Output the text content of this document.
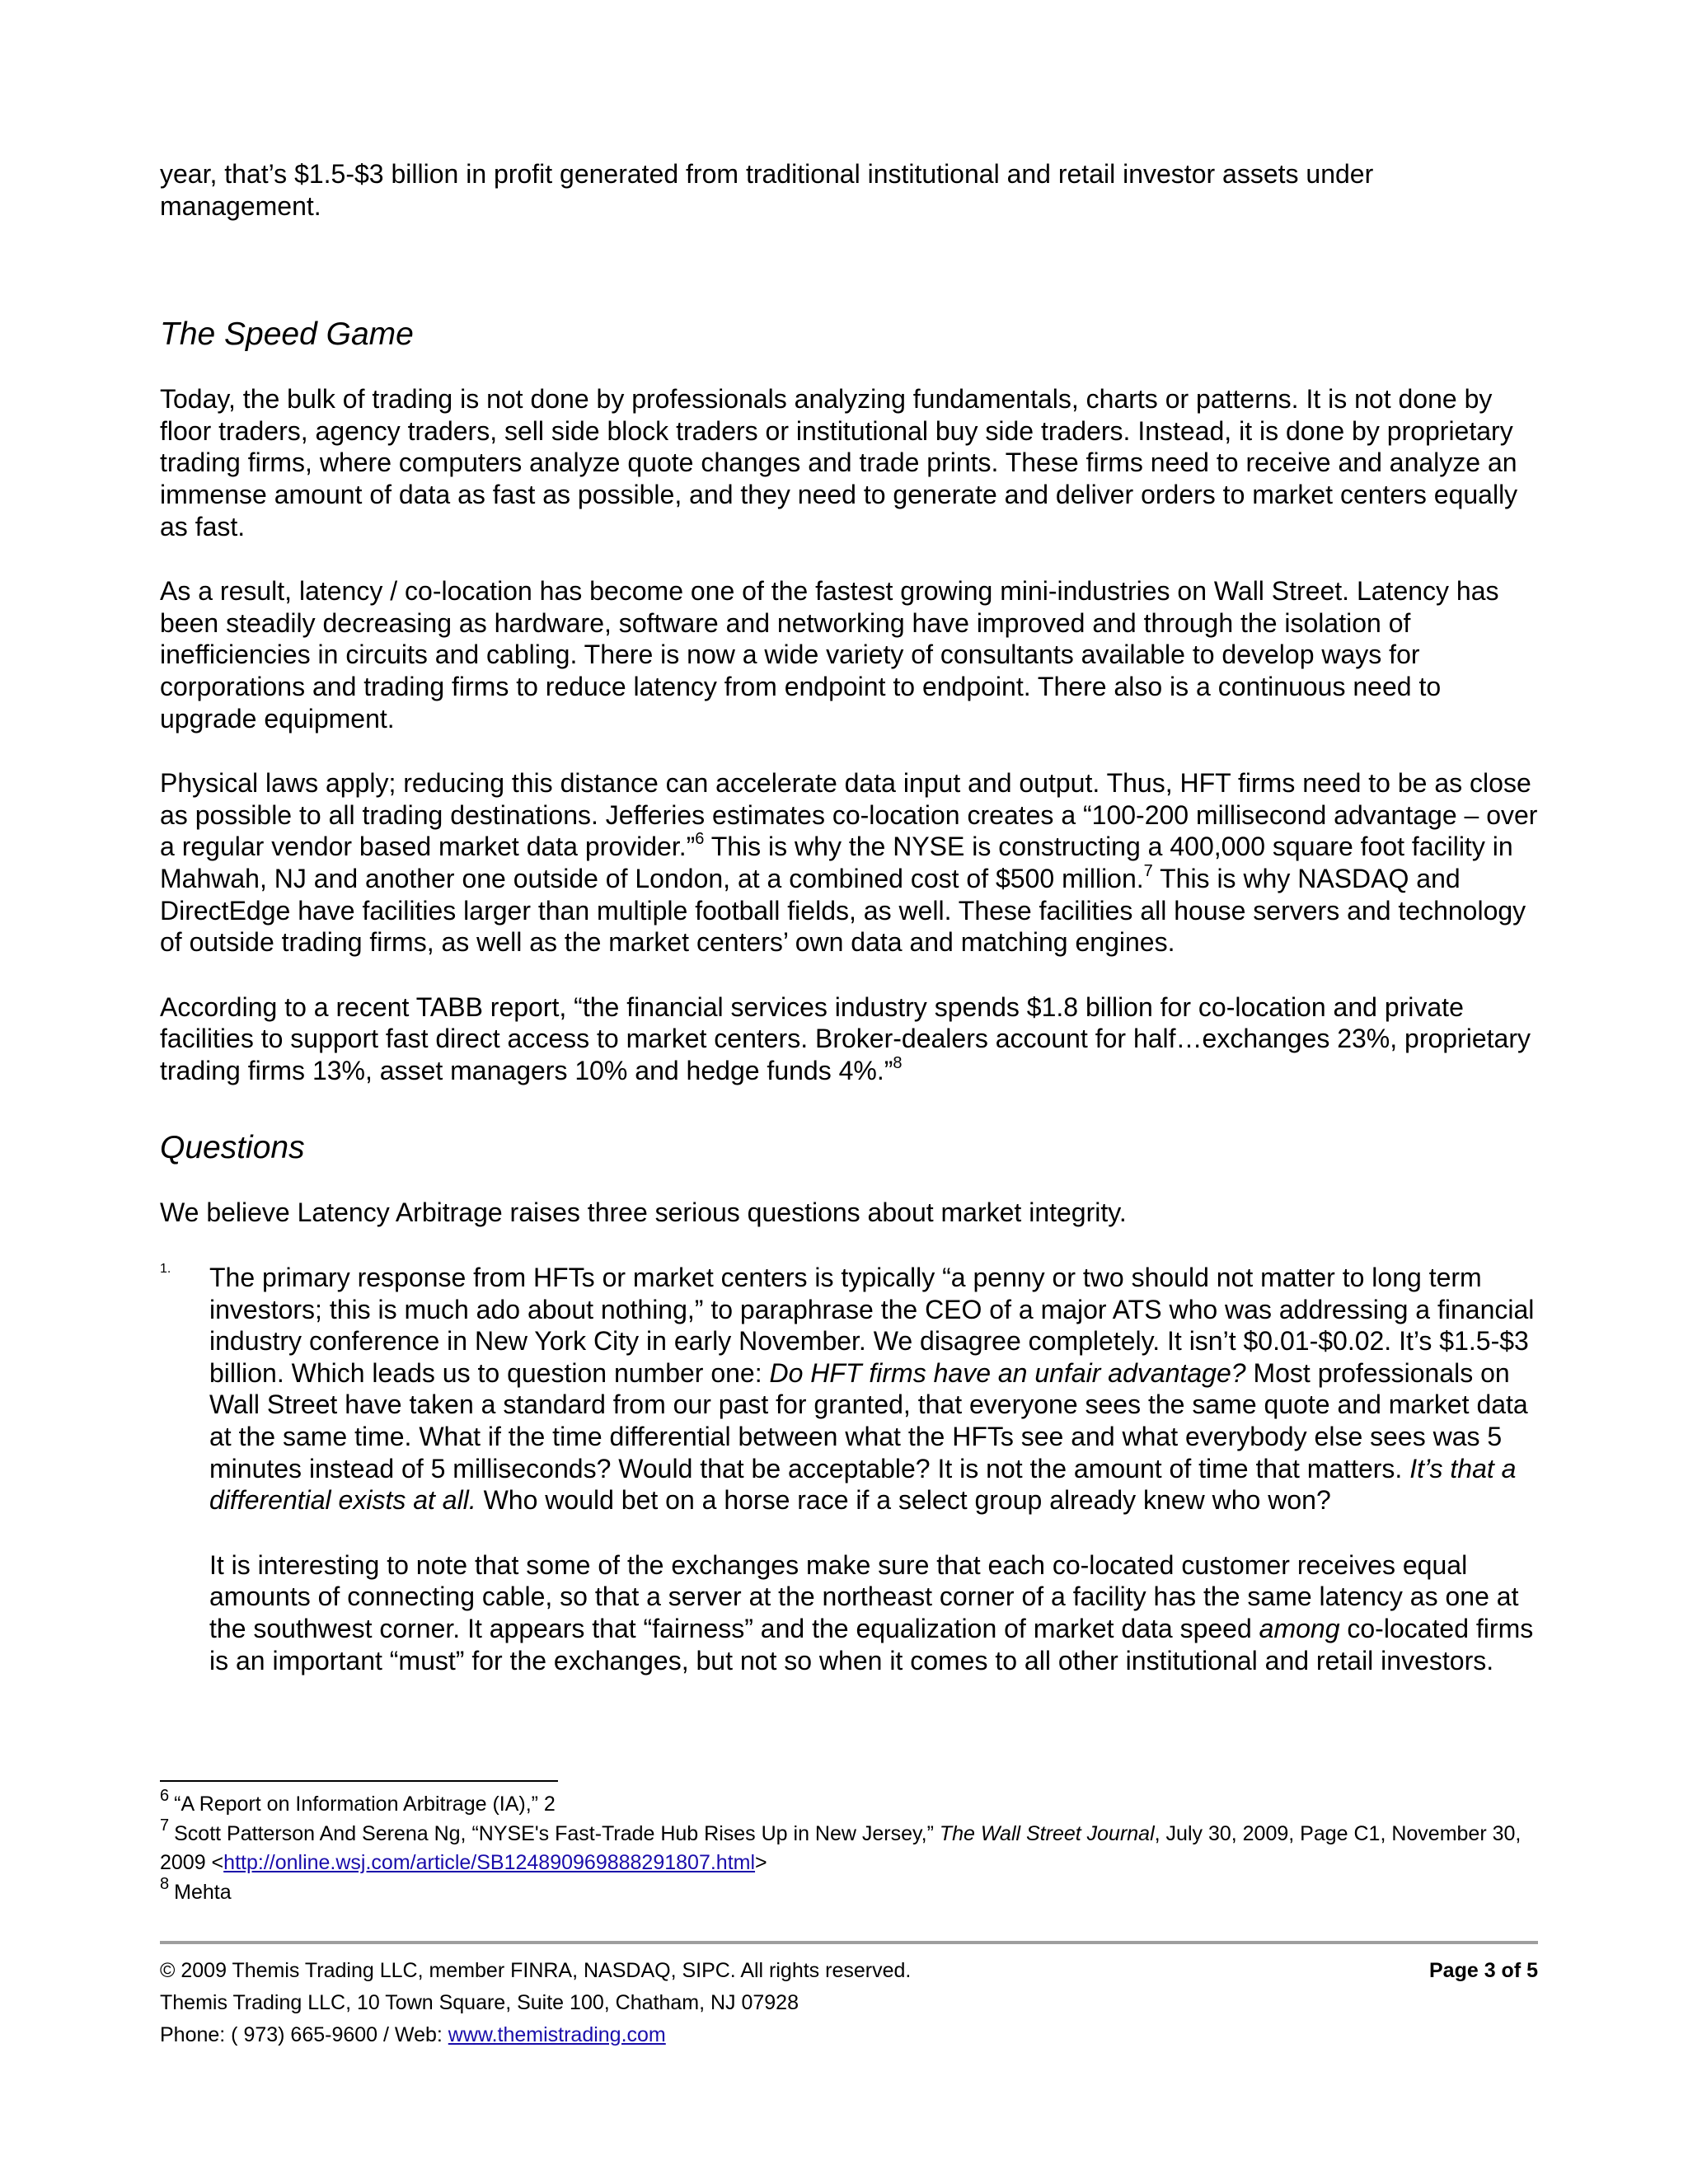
year, that’s $1.5-$3 billion in profit generated from traditional institutional and retail investor assets under management.

The Speed Game

Today, the bulk of trading is not done by professionals analyzing fundamentals, charts or patterns. It is not done by floor traders, agency traders, sell side block traders or institutional buy side traders. Instead, it is done by proprietary trading firms, where computers analyze quote changes and trade prints. These firms need to receive and analyze an immense amount of data as fast as possible, and they need to generate and deliver orders to market centers equally as fast.

As a result, latency / co-location has become one of the fastest growing mini-industries on Wall Street. Latency has been steadily decreasing as hardware, software and networking have improved and through the isolation of inefficiencies in circuits and cabling. There is now a wide variety of consultants available to develop ways for corporations and trading firms to reduce latency from endpoint to endpoint. There also is a continuous need to upgrade equipment.

Physical laws apply; reducing this distance can accelerate data input and output. Thus, HFT firms need to be as close as possible to all trading destinations. Jefferies estimates co-location creates a “100-200 millisecond advantage – over a regular vendor based market data provider.”$^6$ This is why the NYSE is constructing a 400,000 square foot facility in Mahwah, NJ and another one outside of London, at a combined cost of $500 million.$^7$ This is why NASDAQ and DirectEdge have facilities larger than multiple football fields, as well. These facilities all house servers and technology of outside trading firms, as well as the market centers’ own data and matching engines.

According to a recent TABB report, “the financial services industry spends $1.8 billion for co-location and private facilities to support fast direct access to market centers. Broker-dealers account for half…exchanges 23%, proprietary trading firms 13%, asset managers 10% and hedge funds 4%.”$^8$

Questions

We believe Latency Arbitrage raises three serious questions about market integrity.

1. The primary response from HFTs or market centers is typically “a penny or two should not matter to long term investors; this is much ado about nothing,” to paraphrase the CEO of a major ATS who was addressing a financial industry conference in New York City in early November. We disagree completely. It isn’t $0.01-$0.02. It’s $1.5-$3 billion. Which leads us to question number one: Do HFT firms have an unfair advantage? Most professionals on Wall Street have taken a standard from our past for granted, that everyone sees the same quote and market data at the same time. What if the time differential between what the HFTs see and what everybody else sees was 5 minutes instead of 5 milliseconds? Would that be acceptable? It is not the amount of time that matters. It’s that a differential exists at all. Who would bet on a horse race if a select group already knew who won?

It is interesting to note that some of the exchanges make sure that each co-located customer receives equal amounts of connecting cable, so that a server at the northeast corner of a facility has the same latency as one at the southwest corner. It appears that “fairness” and the equalization of market data speed among co-located firms is an important “must” for the exchanges, but not so when it comes to all other institutional and retail investors.

$^6$ “A Report on Information Arbitrage (IA),” 2

$^7$ Scott Patterson And Serena Ng, “NYSE's Fast-Trade Hub Rises Up in New Jersey,” The Wall Street Journal, July 30, 2009, Page C1, November 30, 2009 <http://online.wsj.com/article/SB124890969888291807.html>

$^8$ Mehta

© 2009 Themis Trading LLC, member FINRA, NASDAQ, SIPC. All rights reserved.	Page 3 of 5
Themis Trading LLC, 10 Town Square, Suite 100, Chatham, NJ 07928
Phone: ( 973) 665-9600 / Web: www.themistrading.com
